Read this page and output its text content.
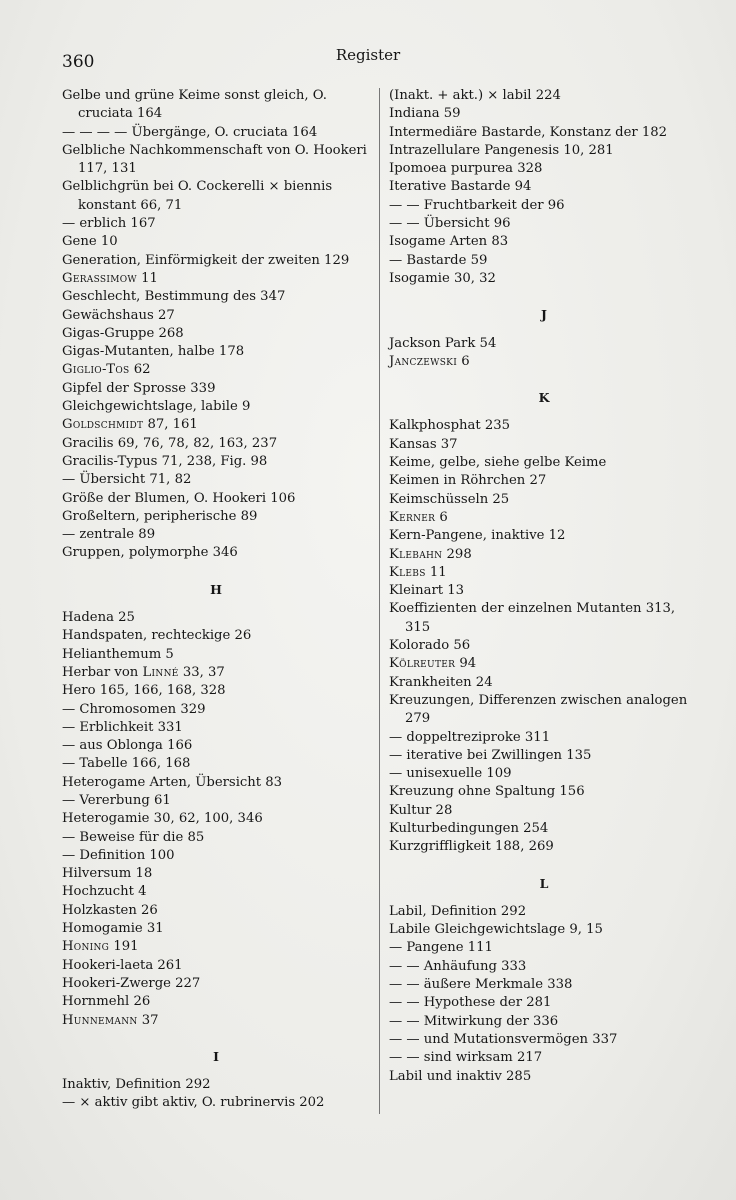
360	Register
Gelbe und grüne Keime sonst gleich, O. cruciata 164
— — — — Übergänge, O. cruciata 164
Gelbliche Nachkommenschaft von O. Hookeri 117, 131
Gelblichgrün bei O. Cockerelli × biennis konstant 66, 71
— erblich 167
Gene 10
Generation, Einförmigkeit der zweiten 129
Gerassimow 11
Geschlecht, Bestimmung des 347
Gewächshaus 27
Gigas-Gruppe 268
Gigas-Mutanten, halbe 178
Giglio-Tos 62
Gipfel der Sprosse 339
Gleichgewichtslage, labile 9
Goldschmidt 87, 161
Gracilis 69, 76, 78, 82, 163, 237
Gracilis-Typus 71, 238, Fig. 98
— Übersicht 71, 82
Größe der Blumen, O. Hookeri 106
Großeltern, peripherische 89
— zentrale 89
Gruppen, polymorphe 346
H
Hadena 25
Handspaten, rechteckige 26
Helianthemum 5
Herbar von Linné 33, 37
Hero 165, 166, 168, 328
— Chromosomen 329
— Erblichkeit 331
— aus Oblonga 166
— Tabelle 166, 168
Heterogame Arten, Übersicht 83
— Vererbung 61
Heterogamie 30, 62, 100, 346
— Beweise für die 85
— Definition 100
Hilversum 18
Hochzucht 4
Holzkasten 26
Homogamie 31
Honing 191
Hookeri-laeta 261
Hookeri-Zwerge 227
Hornmehl 26
Hunnemann 37
I
Inaktiv, Definition 292
— × aktiv gibt aktiv, O. rubrinervis 202
(Inakt. + akt.) × labil 224
Indiana 59
Intermediäre Bastarde, Konstanz der 182
Intrazellulare Pangenesis 10, 281
Ipomoea purpurea 328
Iterative Bastarde 94
— — Fruchtbarkeit der 96
— — Übersicht 96
Isogame Arten 83
— Bastarde 59
Isogamie 30, 32
J
Jackson Park 54
Janczewski 6
K
Kalkphosphat 235
Kansas 37
Keime, gelbe, siehe gelbe Keime
Keimen in Röhrchen 27
Keimschüsseln 25
Kerner 6
Kern-Pangene, inaktive 12
Klebahn 298
Klebs 11
Kleinart 13
Koeffizienten der einzelnen Mutanten 313, 315
Kolorado 56
Kölreuter 94
Krankheiten 24
Kreuzungen, Differenzen zwischen analogen 279
— doppeltreziproke 311
— iterative bei Zwillingen 135
— unisexuelle 109
Kreuzung ohne Spaltung 156
Kultur 28
Kulturbedingungen 254
Kurzgriffligkeit 188, 269
L
Labil, Definition 292
Labile Gleichgewichtslage 9, 15
— Pangene 111
— — Anhäufung 333
— — äußere Merkmale 338
— — Hypothese der 281
— — Mitwirkung der 336
— — und Mutationsvermögen 337
— — sind wirksam 217
Labil und inaktiv 285
